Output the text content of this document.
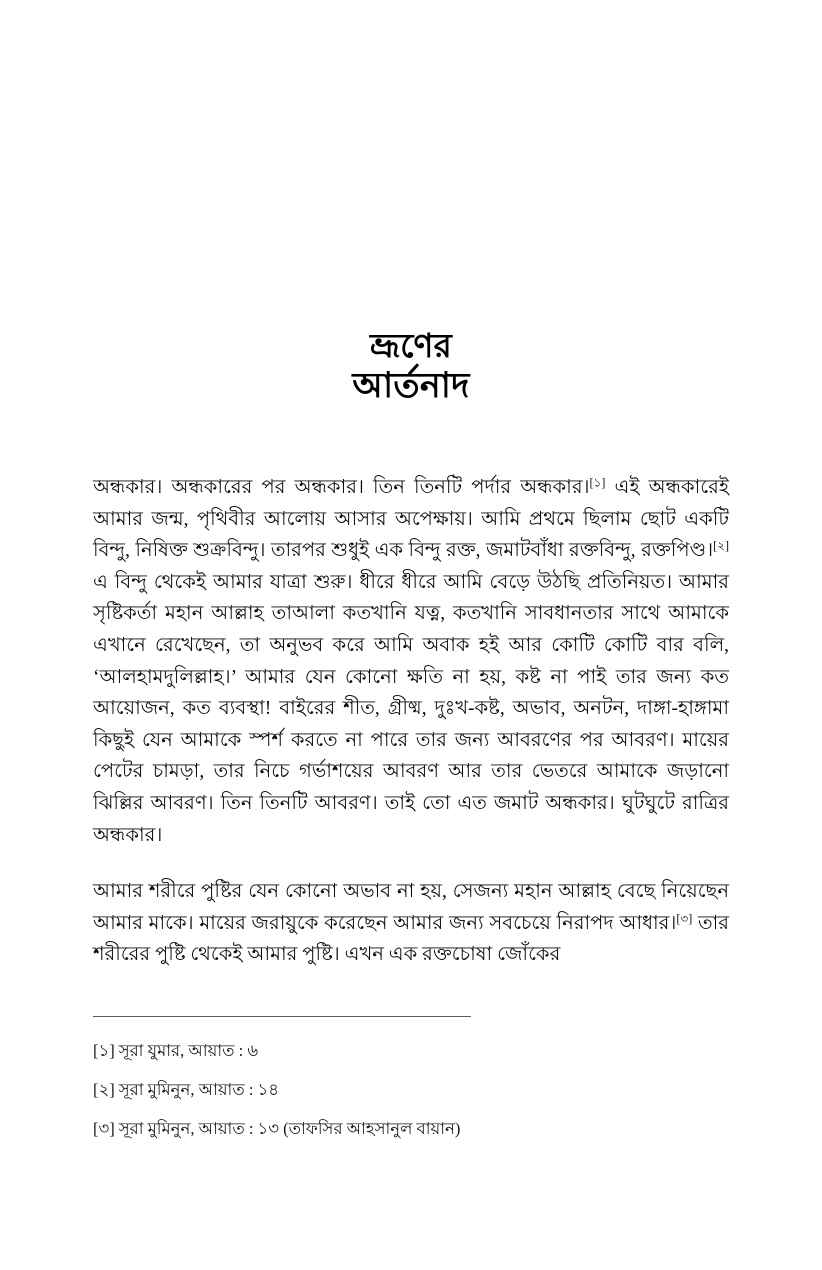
ভ্রূণের
আর্তনাদ

অন্ধকার। অন্ধকারের পর অন্ধকার। তিন তিনটি পর্দার অন্ধকার।[১] এই অন্ধকারেই আমার জন্ম, পৃথিবীর আলোয় আসার অপেক্ষায়। আমি প্রথমে ছিলাম ছোট একটি বিন্দু, নিষিক্ত শুক্রবিন্দু। তারপর শুধুই এক বিন্দু রক্ত, জমাটবাঁধা রক্তবিন্দু, রক্তপিণ্ড।[২] এ বিন্দু থেকেই আমার যাত্রা শুরু। ধীরে ধীরে আমি বেড়ে উঠছি প্রতিনিয়ত। আমার সৃষ্টিকর্তা মহান আল্লাহ তাআলা কতখানি যত্ন, কতখানি সাবধানতার সাথে আমাকে এখানে রেখেছেন, তা অনুভব করে আমি অবাক হই আর কোটি কোটি বার বলি, ‘আলহামদুলিল্লাহ।’ আমার যেন কোনো ক্ষতি না হয়, কষ্ট না পাই তার জন্য কত আয়োজন, কত ব্যবস্থা! বাইরের শীত, গ্রীষ্ম, দুঃখ-কষ্ট, অভাব, অনটন, দাঙ্গা-হাঙ্গামা কিছুই যেন আমাকে স্পর্শ করতে না পারে তার জন্য আবরণের পর আবরণ। মায়ের পেটের চামড়া, তার নিচে গর্ভাশয়ের আবরণ আর তার ভেতরে আমাকে জড়ানো ঝিল্লির আবরণ। তিন তিনটি আবরণ। তাই তো এত জমাট অন্ধকার। ঘুটঘুটে রাত্রির অন্ধকার।

আমার শরীরে পুষ্টির যেন কোনো অভাব না হয়, সেজন্য মহান আল্লাহ বেছে নিয়েছেন আমার মাকে। মায়ের জরায়ুকে করেছেন আমার জন্য সবচেয়ে নিরাপদ আধার।[৩] তার শরীরের পুষ্টি থেকেই আমার পুষ্টি। এখন এক রক্তচোষা জোঁকের

[১] সূরা যুমার, আয়াত : ৬
[২] সূরা মুমিনুন, আয়াত : ১৪
[৩] সূরা মুমিনুন, আয়াত : ১৩ (তাফসির আহসানুল বায়ান)
